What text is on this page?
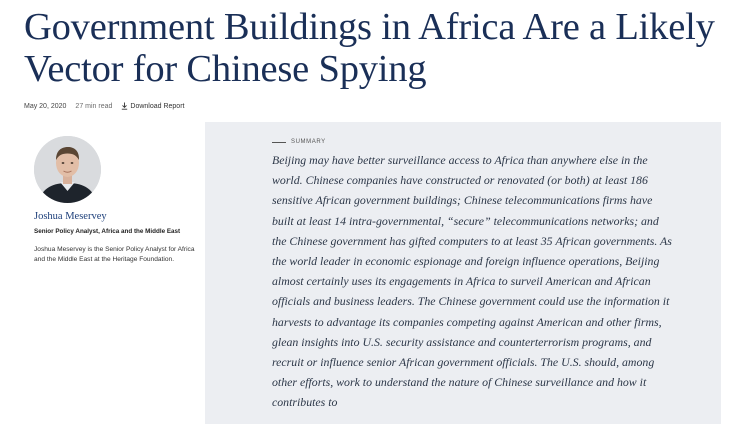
Government Buildings in Africa Are a Likely Vector for Chinese Spying
May 20, 2020 27 min read	Download Report
Joshua Meservey
Senior Policy Analyst, Africa and the Middle East

Joshua Meservey is the Senior Policy Analyst for Africa and the Middle East at the Heritage Foundation.

SUMMARY

Beijing may have better surveillance access to Africa than anywhere else in the world. Chinese companies have constructed or renovated (or both) at least 186 sensitive African government buildings; Chinese telecommunications firms have built at least 14 intra-governmental, “secure” telecommunications networks; and the Chinese government has gifted computers to at least 35 African governments. As the world leader in economic espionage and foreign influence operations, Beijing almost certainly uses its engagements in Africa to surveil American and African officials and business leaders. The Chinese government could use the information it harvests to advantage its companies competing against American and other firms, glean insights into U.S. security assistance and counterterrorism programs, and recruit or influence senior African government officials. The U.S. should, among other efforts, work to understand the nature of Chinese surveillance and how it contributes to
